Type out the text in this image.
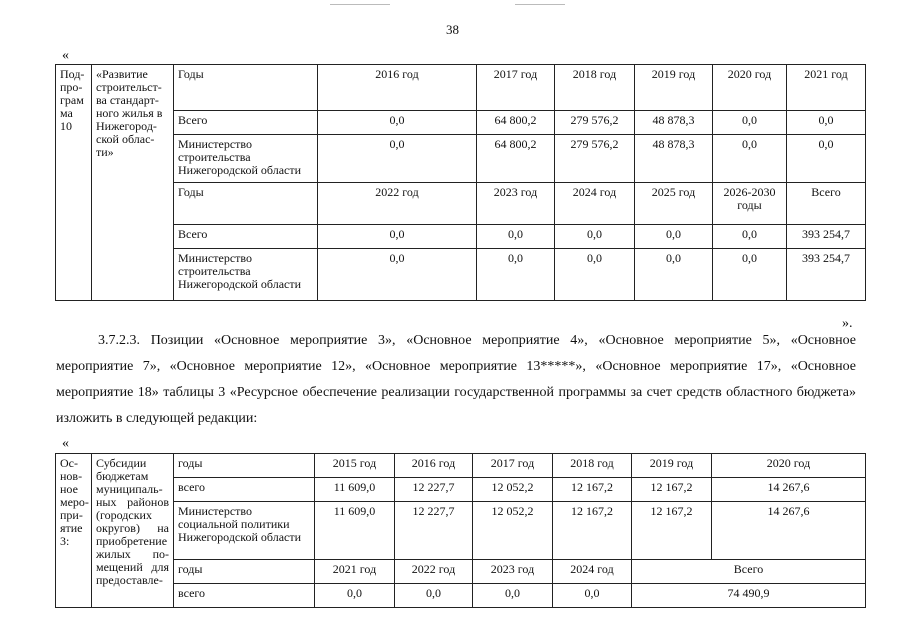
38
«
Под-про-грам ма 10	«Развитие строительст-ва стандарт-ного жилья в Нижегород-ской облас-ти»	Годы	2016 год	2017 год	2018 год	2019 год	2020 год	2021 год
		Всего	0,0	64 800,2	279 576,2	48 878,3	0,0	0,0
		Министерство строительства Нижегородской области	0,0	64 800,2	279 576,2	48 878,3	0,0	0,0
		Годы	2022 год	2023 год	2024 год	2025 год	2026-2030 годы	Всего
		Всего	0,0	0,0	0,0	0,0	0,0	393 254,7
		Министерство строительства Нижегородской области	0,0	0,0	0,0	0,0	0,0	393 254,7
».
3.7.2.3. Позиции «Основное мероприятие 3», «Основное мероприятие 4», «Основное мероприятие 5», «Основное мероприятие 7», «Основное мероприятие 12», «Основное мероприятие 13*****», «Основное мероприятие 17», «Основное мероприятие 18» таблицы 3 «Ресурсное обеспечение реализации государственной программы за счет средств областного бюджета» изложить в следующей редакции:
«
Ос-нов-ное меро-при-ятие 3:	Субсидии бюджетам муниципаль-ных районов (городских округов) на приобретение жилых по-мещений для предоставле-	годы	2015 год	2016 год	2017 год	2018 год	2019 год	2020 год
		всего	11 609,0	12 227,7	12 052,2	12 167,2	12 167,2	14 267,6
		Министерство социальной политики Нижегородской области	11 609,0	12 227,7	12 052,2	12 167,2	12 167,2	14 267,6
		годы	2021 год	2022 год	2023 год	2024 год	Всего	
		всего	0,0	0,0	0,0	0,0	74 490,9	
